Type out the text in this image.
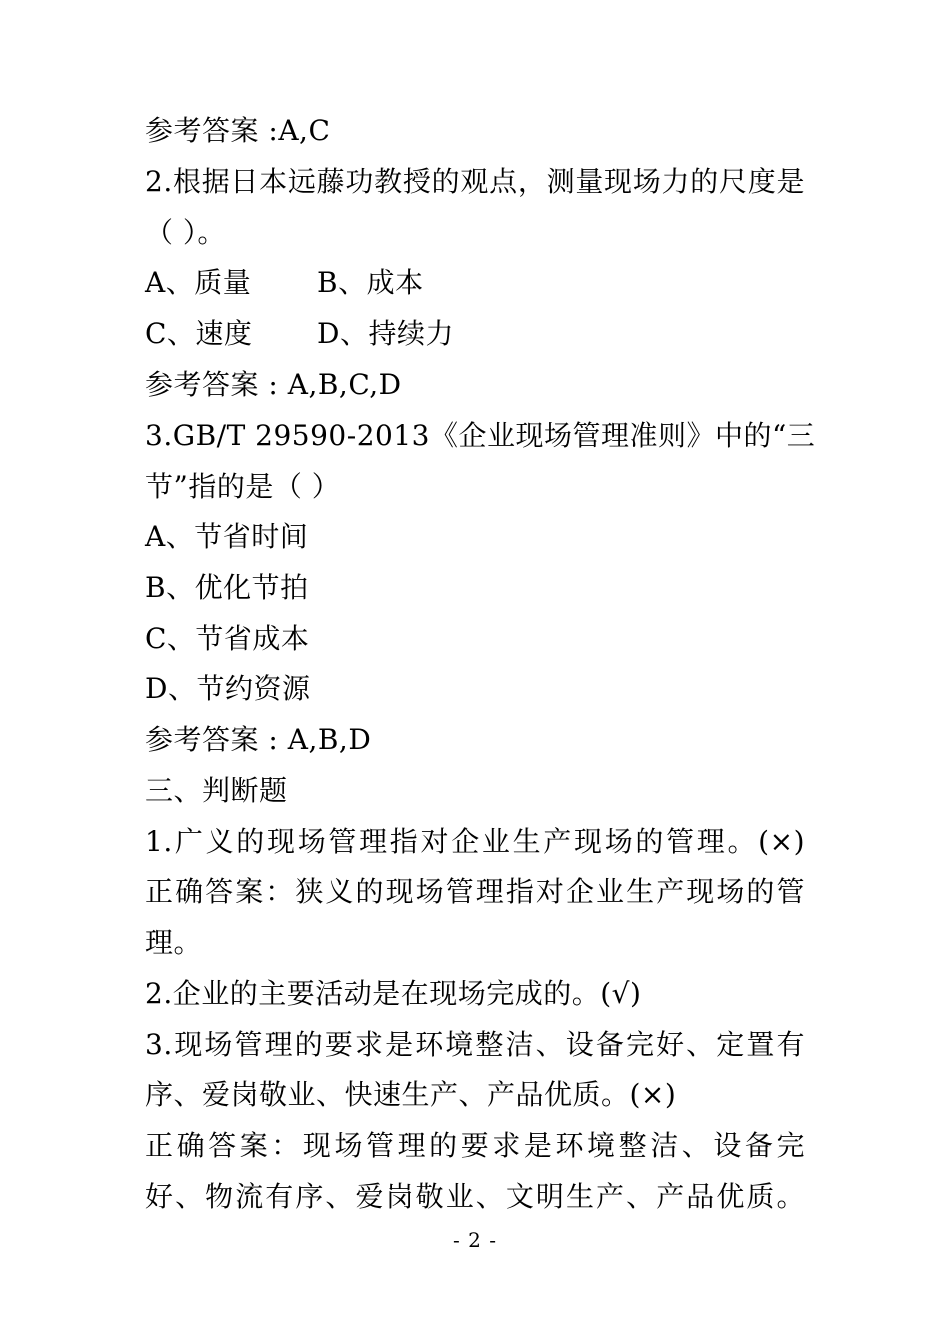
参考答案 :A,C
2.根据日本远藤功教授的观点，测量现场力的尺度是
（ ）。
A、质量 B、成本
C、速度 D、持续力
参考答案 : A,B,C,D
3.GB/T 29590-2013《企业现场管理准则》中的“三
节”指的是（ ）
A、节省时间
B、优化节拍
C、节省成本
D、节约资源
参考答案 : A,B,D
三、判断题
1.广义的现场管理指对企业生产现场的管理。(×)
正确答案：狭义的现场管理指对企业生产现场的管
理。
2.企业的主要活动是在现场完成的。(√)
3.现场管理的要求是环境整洁、设备完好、定置有
序、爱岗敬业、快速生产、产品优质。(×)
正确答案：现场管理的要求是环境整洁、设备完
好、物流有序、爱岗敬业、文明生产、产品优质。
- 2 -
